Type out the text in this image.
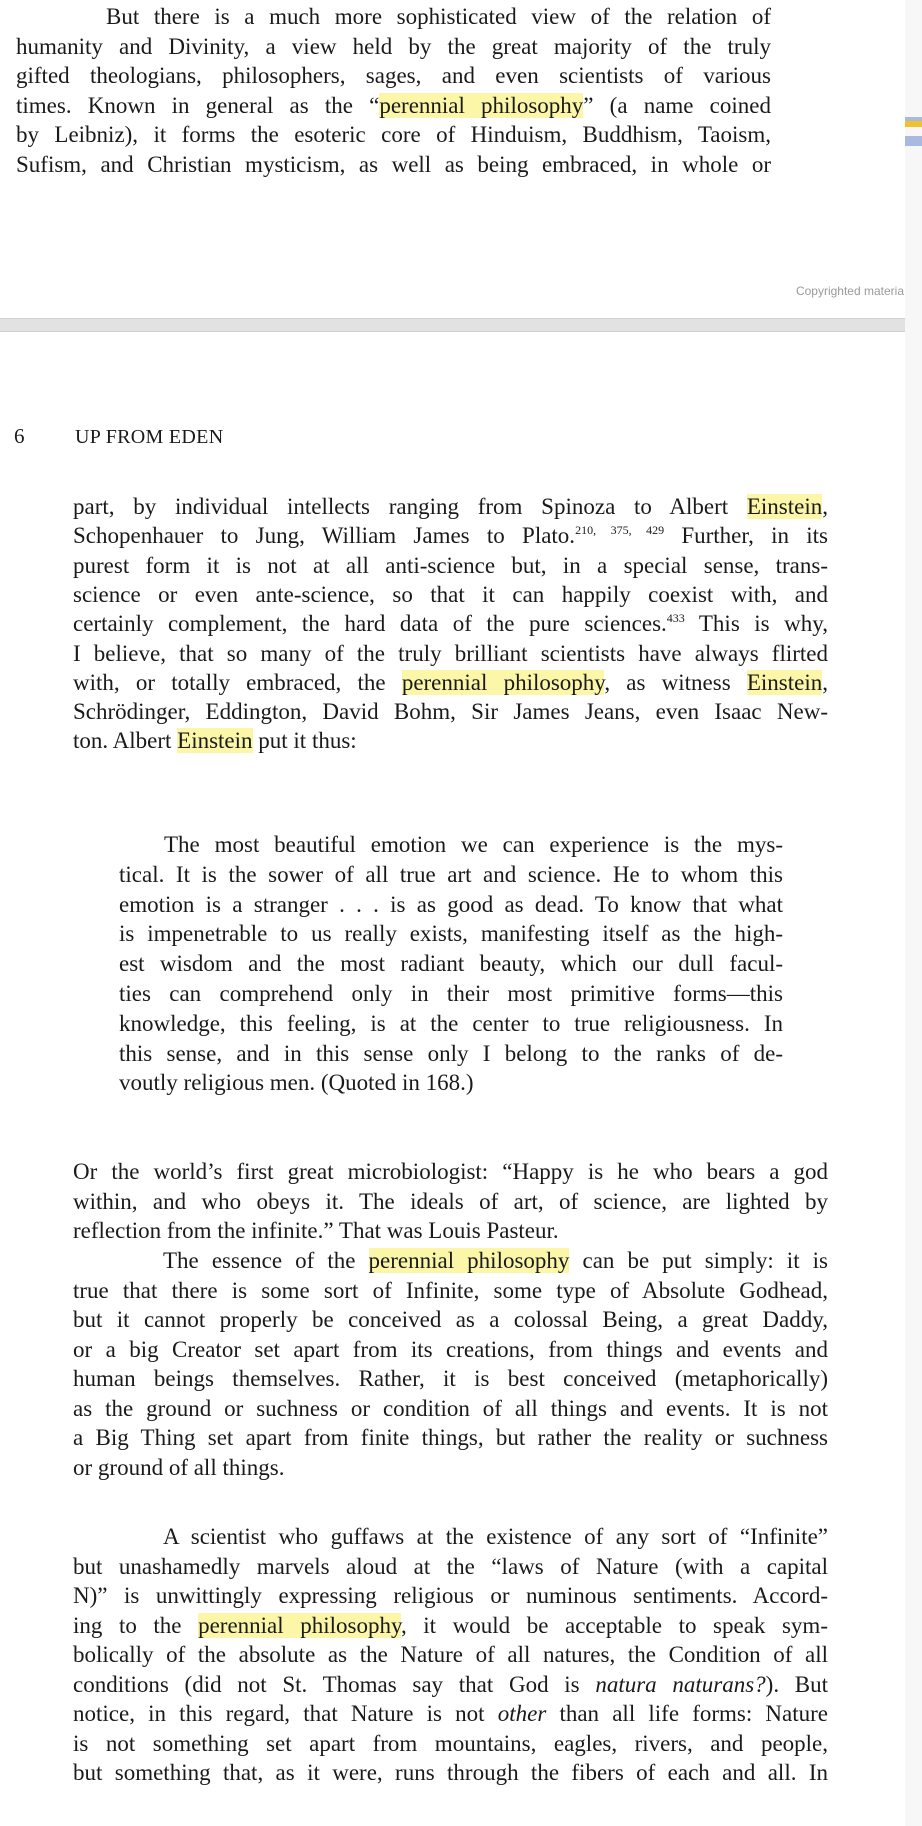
But there is a much more sophisticated view of the relation of
humanity and Divinity, a view held by the great majority of the truly
gifted theologians, philosophers, sages, and even scientists of various
times. Known in general as the “perennial philosophy” (a name coined
by Leibniz), it forms the esoteric core of Hinduism, Buddhism, Taoism,
Sufism, and Christian mysticism, as well as being embraced, in whole or
Copyrighted materia
6	UP FROM EDEN
part, by individual intellects ranging from Spinoza to Albert Einstein,
Schopenhauer to Jung, William James to Plato.$^{210, 375, 429}$ Further, in its
purest form it is not at all anti-science but, in a special sense, trans-
science or even ante-science, so that it can happily coexist with, and
certainly complement, the hard data of the pure sciences.$^{433}$ This is why,
I believe, that so many of the truly brilliant scientists have always flirted
with, or totally embraced, the perennial philosophy, as witness Einstein,
Schrödinger, Eddington, David Bohm, Sir James Jeans, even Isaac New-
ton. Albert Einstein put it thus:
The most beautiful emotion we can experience is the mys-
tical. It is the sower of all true art and science. He to whom this
emotion is a stranger . . . is as good as dead. To know that what
is impenetrable to us really exists, manifesting itself as the high-
est wisdom and the most radiant beauty, which our dull facul-
ties can comprehend only in their most primitive forms—this
knowledge, this feeling, is at the center to true religiousness. In
this sense, and in this sense only I belong to the ranks of de-
voutly religious men. (Quoted in 168.)
Or the world’s first great microbiologist: “Happy is he who bears a god
within, and who obeys it. The ideals of art, of science, are lighted by
reflection from the infinite.” That was Louis Pasteur.
The essence of the perennial philosophy can be put simply: it is
true that there is some sort of Infinite, some type of Absolute Godhead,
but it cannot properly be conceived as a colossal Being, a great Daddy,
or a big Creator set apart from its creations, from things and events and
human beings themselves. Rather, it is best conceived (metaphorically)
as the ground or suchness or condition of all things and events. It is not
a Big Thing set apart from finite things, but rather the reality or suchness
or ground of all things.
A scientist who guffaws at the existence of any sort of “Infinite”
but unashamedly marvels aloud at the “laws of Nature (with a capital
N)” is unwittingly expressing religious or numinous sentiments. Accord-
ing to the perennial philosophy, it would be acceptable to speak sym-
bolically of the absolute as the Nature of all natures, the Condition of all
conditions (did not St. Thomas say that God is natura naturans?). But
notice, in this regard, that Nature is not other than all life forms: Nature
is not something set apart from mountains, eagles, rivers, and people,
but something that, as it were, runs through the fibers of each and all. In
